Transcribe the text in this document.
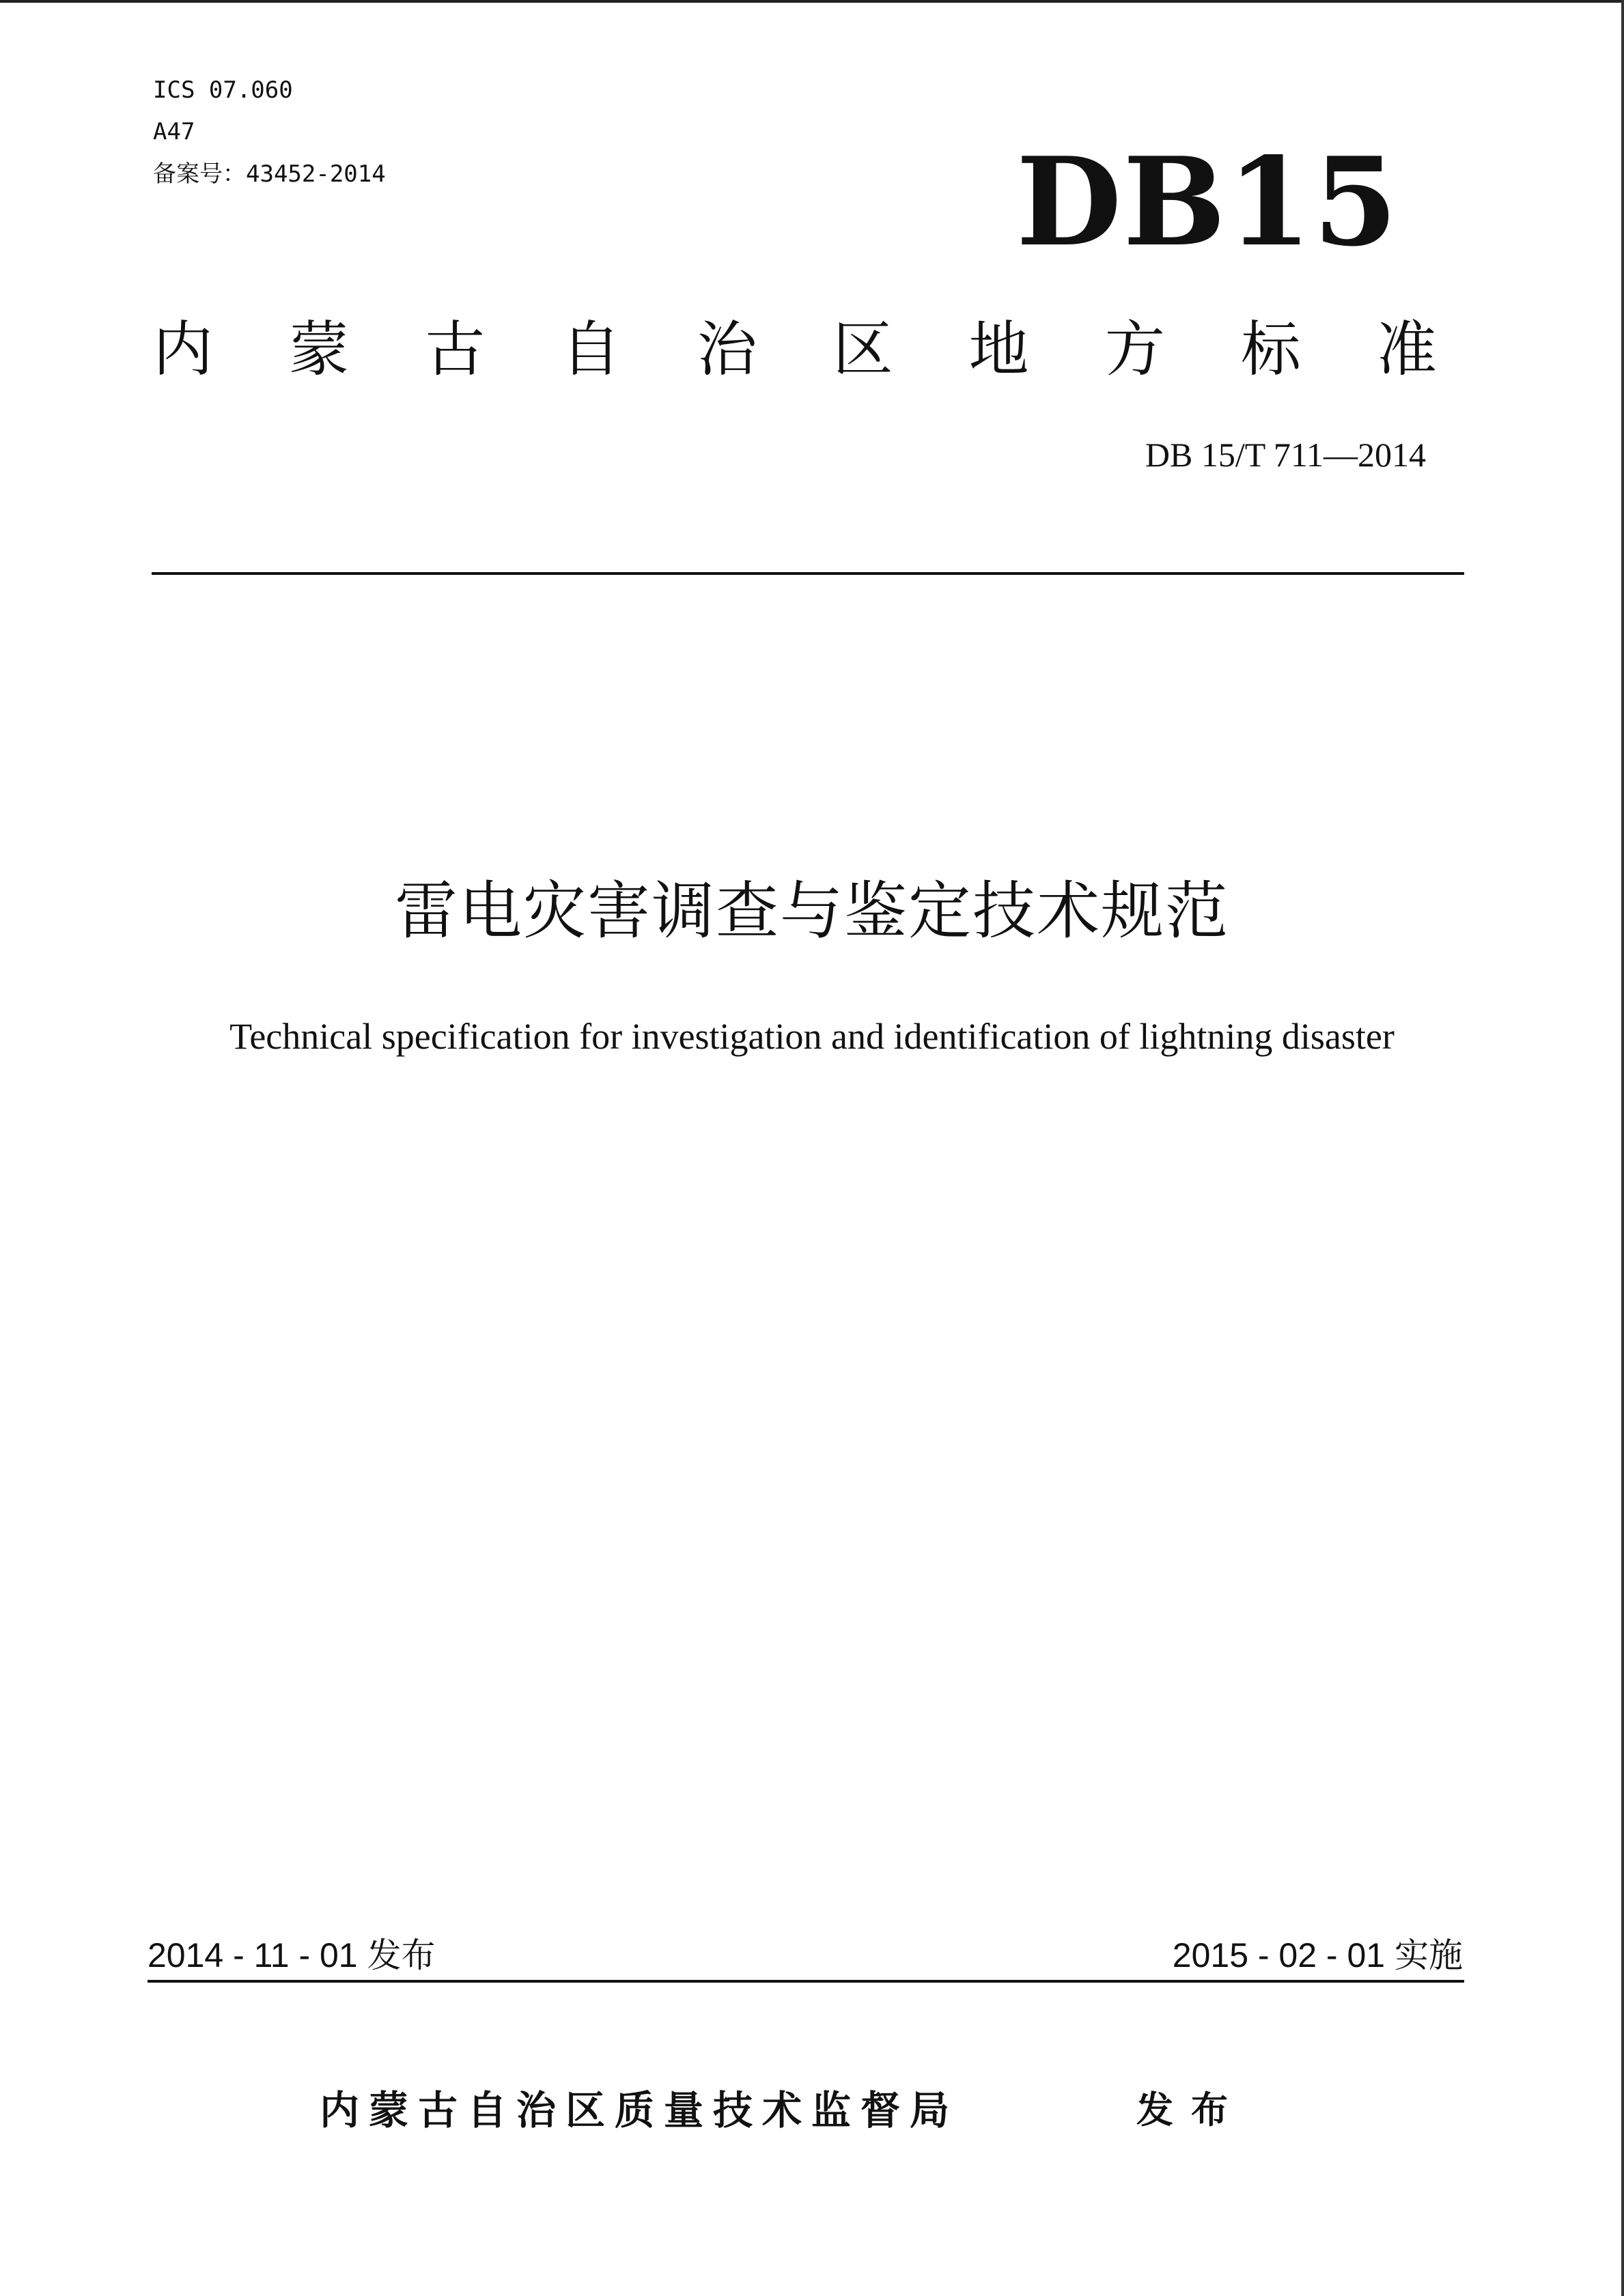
ICS 07.060
A47
备案号：43452-2014	DB15
内 蒙 古 自 治 区 地 方 标 准
DB 15/T 711—2014
雷电灾害调查与鉴定技术规范
Technical specification for investigation and identification of lightning disaster
2014 - 11 - 01 发布	2015 - 02 - 01 实施
内蒙古自治区质量技术监督局	发布
